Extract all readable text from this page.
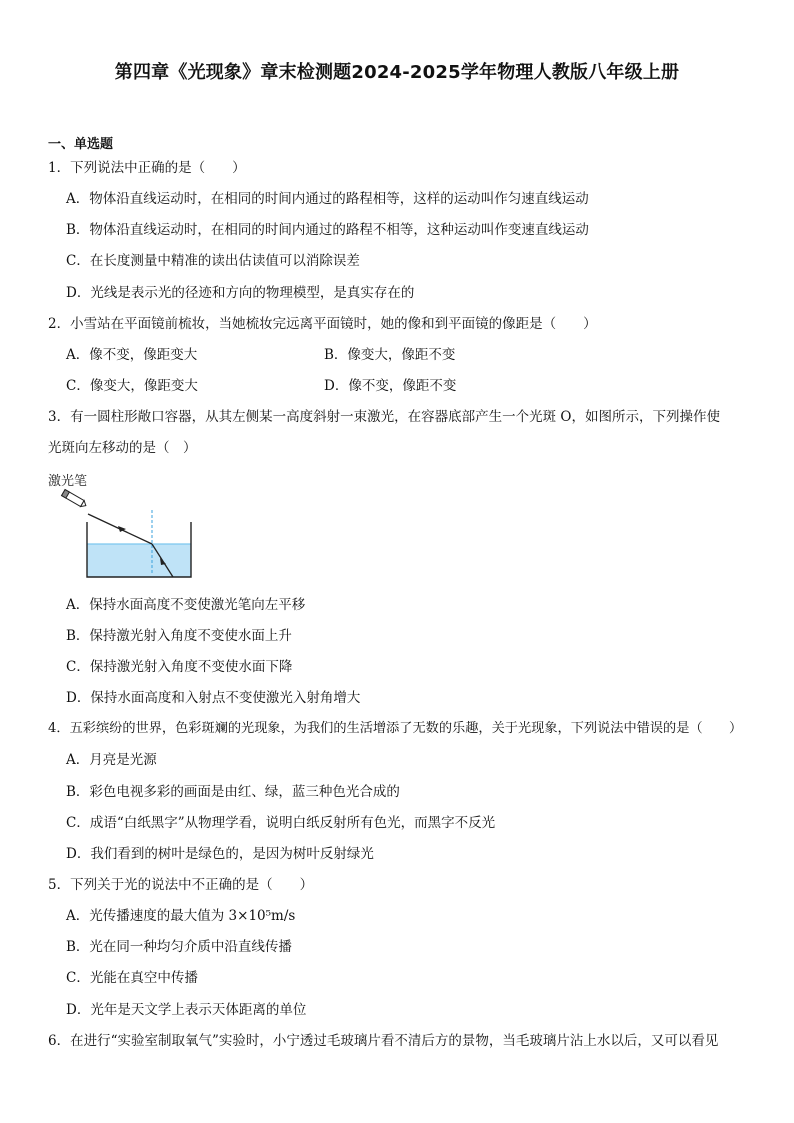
第四章《光现象》章末检测题2024-2025学年物理人教版八年级上册
一、单选题
1．下列说法中正确的是（　　）
A．物体沿直线运动时，在相同的时间内通过的路程相等，这样的运动叫作匀速直线运动
B．物体沿直线运动时，在相同的时间内通过的路程不相等，这种运动叫作变速直线运动
C．在长度测量中精准的读出估读值可以消除误差
D．光线是表示光的径迹和方向的物理模型，是真实存在的
2．小雪站在平面镜前梳妆，当她梳妆完远离平面镜时，她的像和到平面镜的像距是（　　）
A．像不变，像距变大	B．像变大，像距不变
C．像变大，像距变大	D．像不变，像距不变
3．有一圆柱形敞口容器，从其左侧某一高度斜射一束激光，在容器底部产生一个光斑 O，如图所示，下列操作使
光斑向左移动的是（　）
激光笔
A．保持水面高度不变使激光笔向左平移
B．保持激光射入角度不变使水面上升
C．保持激光射入角度不变使水面下降
D．保持水面高度和入射点不变使激光入射角增大
4．五彩缤纷的世界，色彩斑斓的光现象，为我们的生活增添了无数的乐趣，关于光现象，下列说法中错误的是（　　）
A．月亮是光源
B．彩色电视多彩的画面是由红、绿，蓝三种色光合成的
C．成语“白纸黑字”从物理学看，说明白纸反射所有色光，而黑字不反光
D．我们看到的树叶是绿色的，是因为树叶反射绿光
5．下列关于光的说法中不正确的是（　　）
A．光传播速度的最大值为 3×10⁵m/s
B．光在同一种均匀介质中沿直线传播
C．光能在真空中传播
D．光年是天文学上表示天体距离的单位
6．在进行“实验室制取氧气”实验时，小宁透过毛玻璃片看不清后方的景物，当毛玻璃片沾上水以后，又可以看见
